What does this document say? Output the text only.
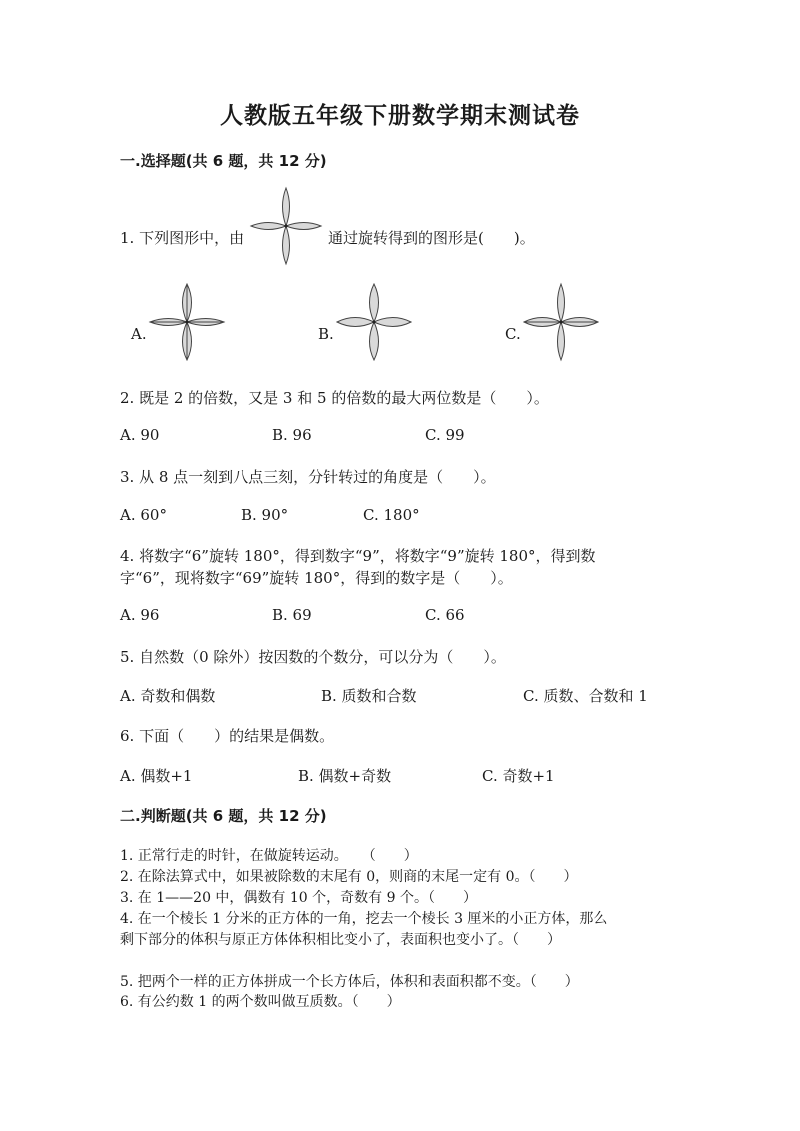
人教版五年级下册数学期末测试卷
一.选择题(共 6 题，共 12 分)
1. 下列图形中，由	通过旋转得到的图形是(　　)。
A.	B.	C.
2. 既是 2 的倍数，又是 3 和 5 的倍数的最大两位数是（　　）。
A. 90	B. 96	C. 99
3. 从 8 点一刻到八点三刻，分针转过的角度是（　　）。
A. 60°	B. 90°	C. 180°
4. 将数字“6”旋转 180°，得到数字“9”，将数字“9”旋转 180°，得到数
字“6”，现将数字“69”旋转 180°，得到的数字是（　　）。
A. 96	B. 69	C. 66
5. 自然数（0 除外）按因数的个数分，可以分为（　　）。
A. 奇数和偶数	B. 质数和合数	C. 质数、合数和 1
6. 下面（　　）的结果是偶数。
A. 偶数+1	B. 偶数+奇数	C. 奇数+1
二.判断题(共 6 题，共 12 分)
1. 正常行走的时针，在做旋转运动。　　（　　）
2. 在除法算式中，如果被除数的末尾有 0，则商的末尾一定有 0。（　　）
3. 在 1——20 中，偶数有 10 个，奇数有 9 个。（　　）
4. 在一个棱长 1 分米的正方体的一角，挖去一个棱长 3 厘米的小正方体，那么
剩下部分的体积与原正方体体积相比变小了，表面积也变小了。（　　）
5. 把两个一样的正方体拼成一个长方体后，体积和表面积都不变。（　　）
6. 有公约数 1 的两个数叫做互质数。（　　）
